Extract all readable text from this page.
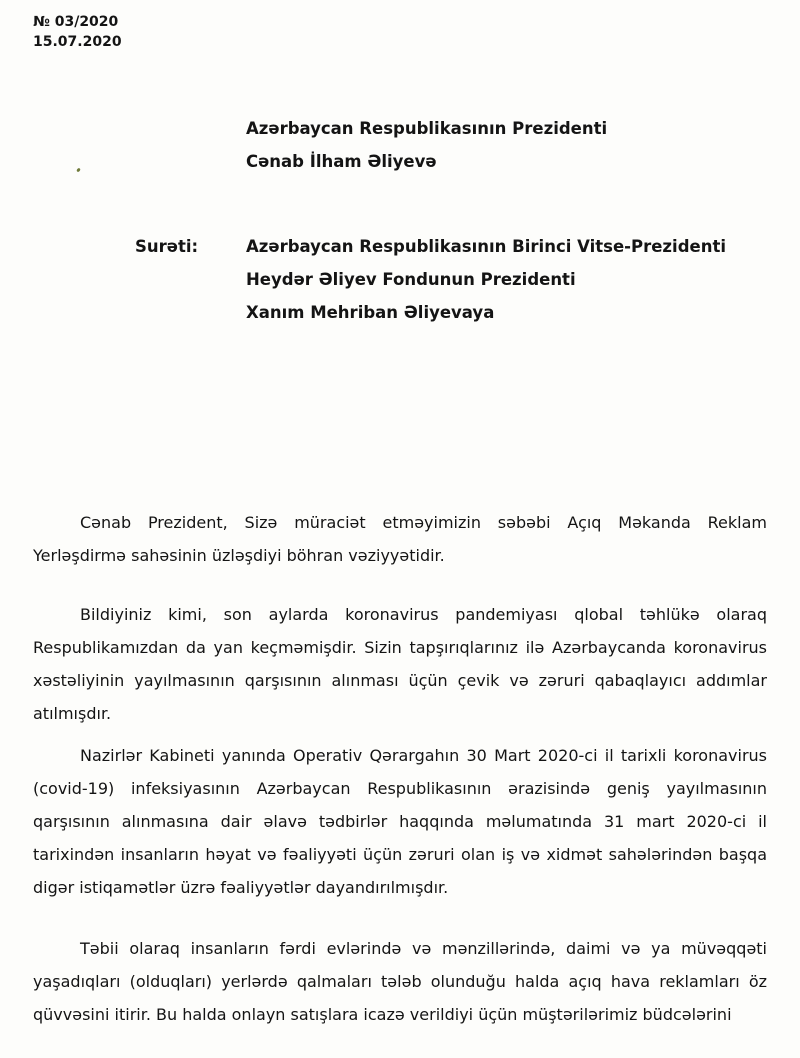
№ 03/2020
15.07.2020
Azərbaycan Respublikasının Prezidenti
Cənab İlham Əliyevə
Surəti:	Azərbaycan Respublikasının Birinci Vitse-Prezidenti
Heydər Əliyev Fondunun Prezidenti
Xanım Mehriban Əliyevaya

Cənab Prezident, Sizə müraciət etməyimizin səbəbi Açıq Məkanda Reklam Yerləşdirmə sahəsinin üzləşdiyi böhran vəziyyətidir.

Bildiyiniz kimi, son aylarda koronavirus pandemiyası qlobal təhlükə olaraq Respublikamızdan da yan keçməmişdir. Sizin tapşırıqlarınız ilə Azərbaycanda koronavirus xəstəliyinin yayılmasının qarşısının alınması üçün çevik və zəruri qabaqlayıcı addımlar atılmışdır.

Nazirlər Kabineti yanında Operativ Qərargahın 30 Mart 2020-ci il tarixli koronavirus (covid-19) infeksiyasının Azərbaycan Respublikasının ərazisində geniş yayılmasının qarşısının alınmasına dair əlavə tədbirlər haqqında məlumatında 31 mart 2020-ci il tarixindən insanların həyat və fəaliyyəti üçün zəruri olan iş və xidmət sahələrindən başqa digər istiqamətlər üzrə fəaliyyətlər dayandırılmışdır.

Təbii olaraq insanların fərdi evlərində və mənzillərində, daimi və ya müvəqqəti yaşadıqları (olduqları) yerlərdə qalmaları tələb olunduğu halda açıq hava reklamları öz qüvvəsini itirir. Bu halda onlayn satışlara icazə verildiyi üçün müştərilərimiz büdcələrini
